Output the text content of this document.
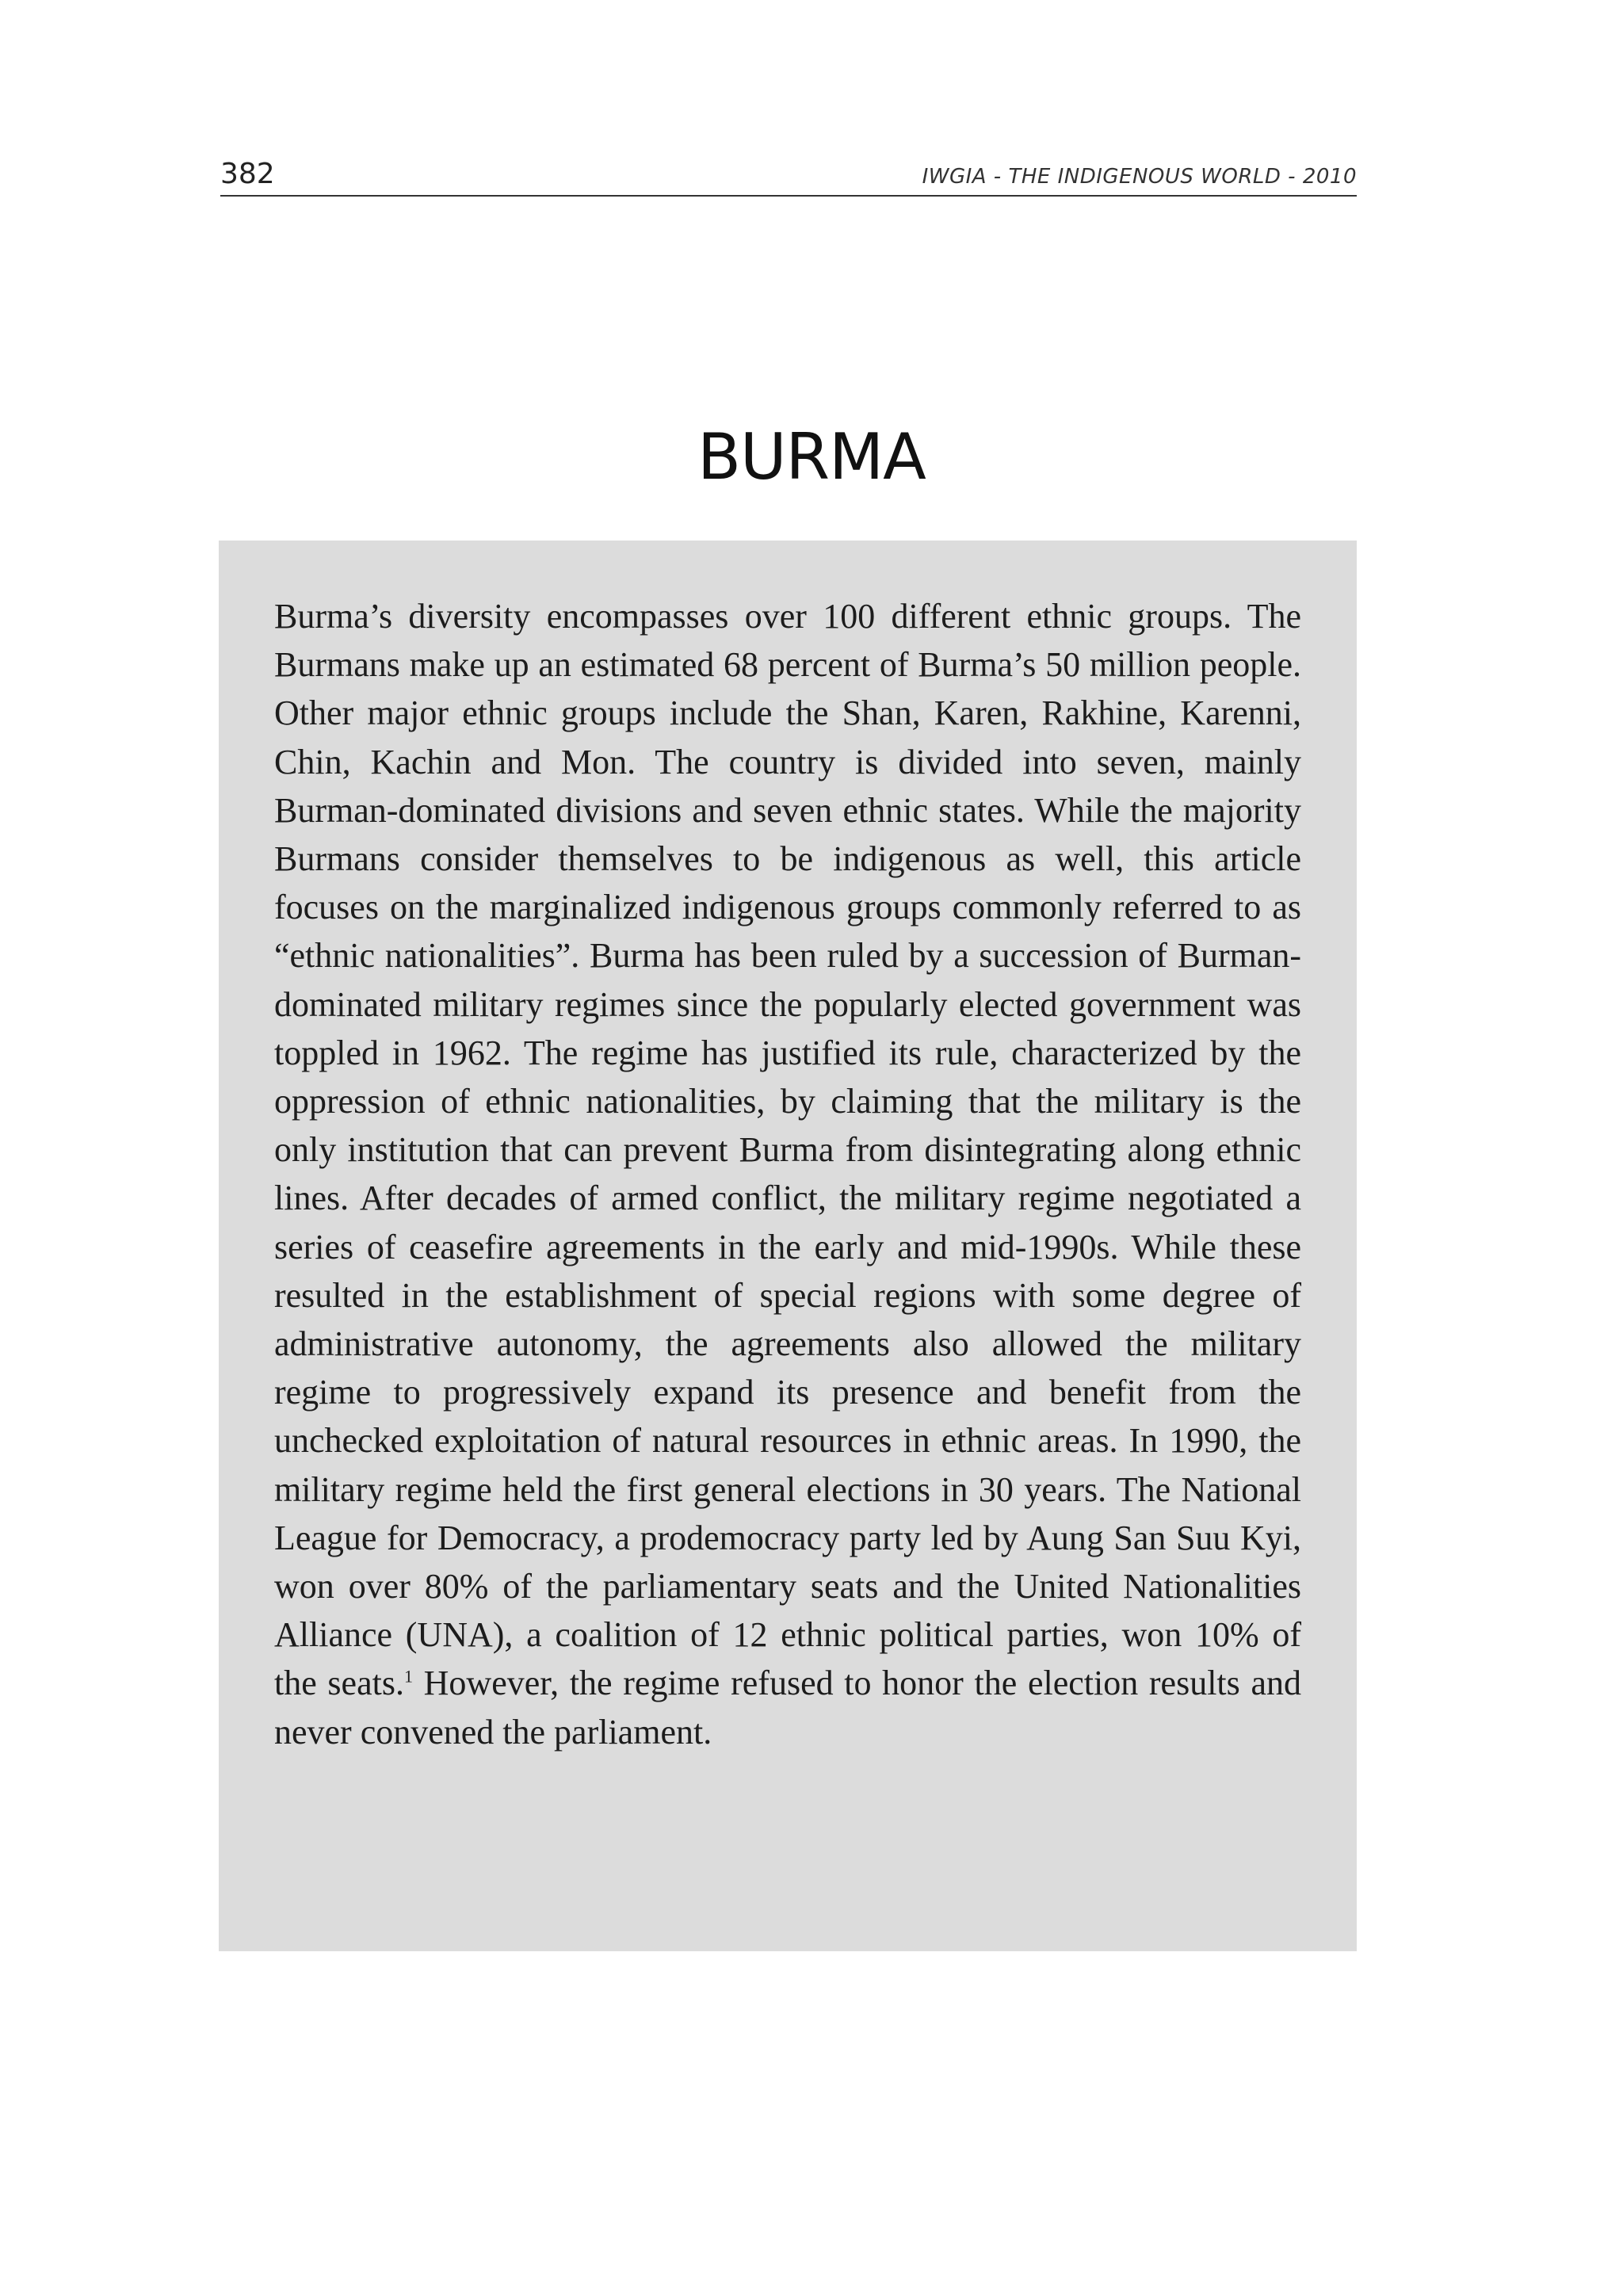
382	IWGIA - THE INDIGENOUS WORLD - 2010
BURMA

Burma’s diversity encompasses over 100 different ethnic groups. The Burmans make up an estimated 68 percent of Burma’s 50 million people. Other major ethnic groups include the Shan, Karen, Rakhine, Karenni, Chin, Kachin and Mon. The country is divided into seven, mainly Burman-dominated divisions and seven ethnic states. While the majority Burmans consider themselves to be indigenous as well, this article focuses on the marginalized indigenous groups commonly referred to as “ethnic nationalities”. Burma has been ruled by a succession of Burman-dominated military regimes since the popularly elected government was toppled in 1962. The regime has justified its rule, characterized by the oppression of ethnic nationalities, by claiming that the military is the only institution that can prevent Burma from disintegrating along ethnic lines. After decades of armed conflict, the military regime negotiated a series of ceasefire agreements in the early and mid-1990s. While these resulted in the establishment of special regions with some degree of administrative autonomy, the agreements also allowed the military regime to progressively expand its presence and benefit from the unchecked exploitation of natural resources in ethnic areas. In 1990, the military regime held the first general elections in 30 years. The National League for Democracy, a prodemocracy party led by Aung San Suu Kyi, won over 80% of the parliamentary seats and the United Nationalities Alliance (UNA), a coalition of 12 ethnic political parties, won 10% of the seats.$^1$ However, the regime refused to honor the election results and never convened the parliament.
